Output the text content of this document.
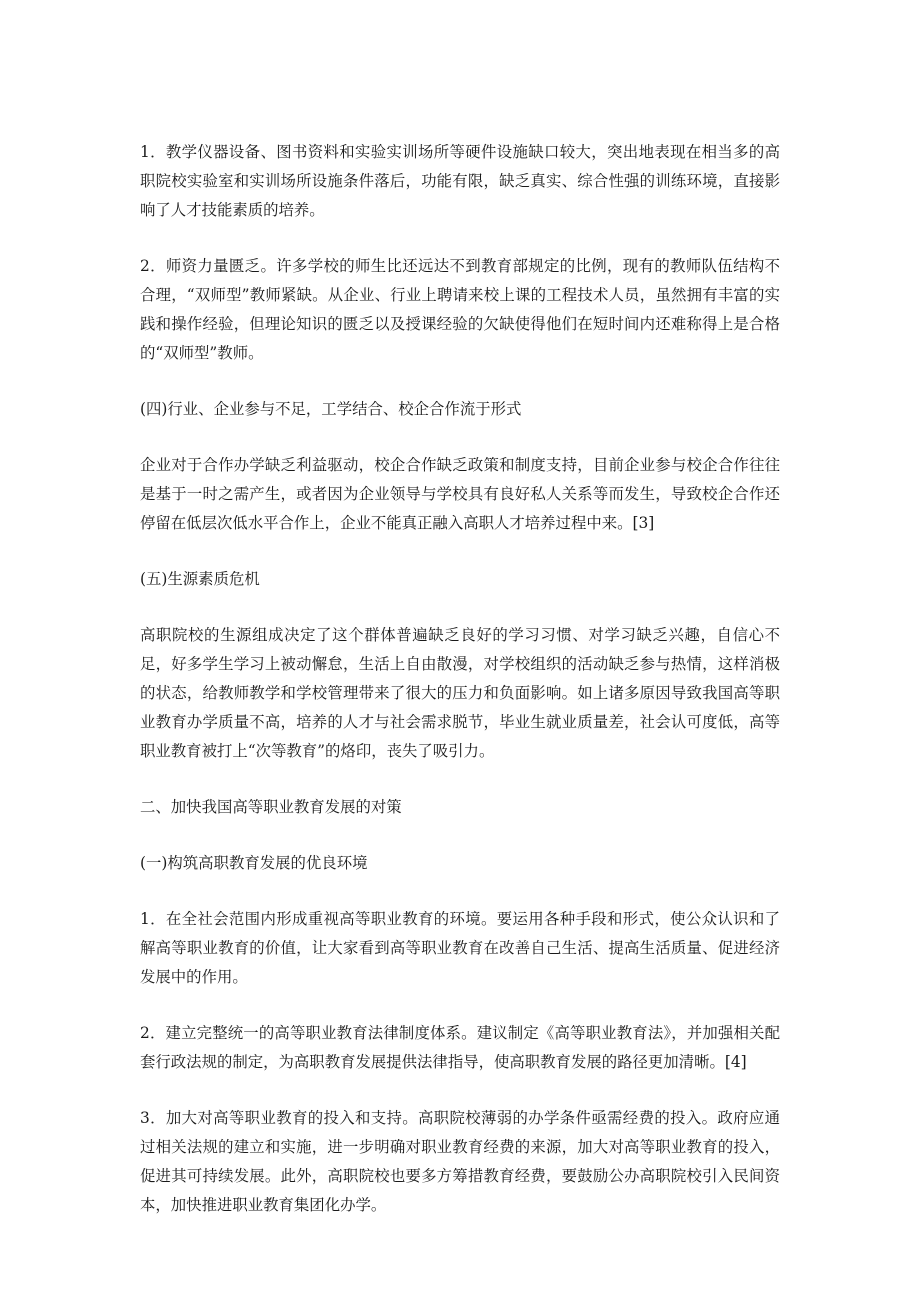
1．教学仪器设备、图书资料和实验实训场所等硬件设施缺口较大，突出地表现在相当多的高职院校实验室和实训场所设施条件落后，功能有限，缺乏真实、综合性强的训练环境，直接影响了人才技能素质的培养。

2．师资力量匮乏。许多学校的师生比还远达不到教育部规定的比例，现有的教师队伍结构不合理，“双师型”教师紧缺。从企业、行业上聘请来校上课的工程技术人员，虽然拥有丰富的实践和操作经验，但理论知识的匮乏以及授课经验的欠缺使得他们在短时间内还难称得上是合格的“双师型”教师。

(四)行业、企业参与不足，工学结合、校企合作流于形式

企业对于合作办学缺乏利益驱动，校企合作缺乏政策和制度支持，目前企业参与校企合作往往是基于一时之需产生，或者因为企业领导与学校具有良好私人关系等而发生，导致校企合作还停留在低层次低水平合作上，企业不能真正融入高职人才培养过程中来。[3]

(五)生源素质危机

高职院校的生源组成决定了这个群体普遍缺乏良好的学习习惯、对学习缺乏兴趣，自信心不足，好多学生学习上被动懈怠，生活上自由散漫，对学校组织的活动缺乏参与热情，这样消极的状态，给教师教学和学校管理带来了很大的压力和负面影响。如上诸多原因导致我国高等职业教育办学质量不高，培养的人才与社会需求脱节，毕业生就业质量差，社会认可度低，高等职业教育被打上“次等教育”的烙印，丧失了吸引力。

二、加快我国高等职业教育发展的对策

(一)构筑高职教育发展的优良环境

1．在全社会范围内形成重视高等职业教育的环境。要运用各种手段和形式，使公众认识和了解高等职业教育的价值，让大家看到高等职业教育在改善自己生活、提高生活质量、促进经济发展中的作用。

2．建立完整统一的高等职业教育法律制度体系。建议制定《高等职业教育法》，并加强相关配套行政法规的制定，为高职教育发展提供法律指导，使高职教育发展的路径更加清晰。[4]

3．加大对高等职业教育的投入和支持。高职院校薄弱的办学条件亟需经费的投入。政府应通过相关法规的建立和实施，进一步明确对职业教育经费的来源，加大对高等职业教育的投入，促进其可持续发展。此外，高职院校也要多方筹措教育经费，要鼓励公办高职院校引入民间资本，加快推进职业教育集团化办学。
